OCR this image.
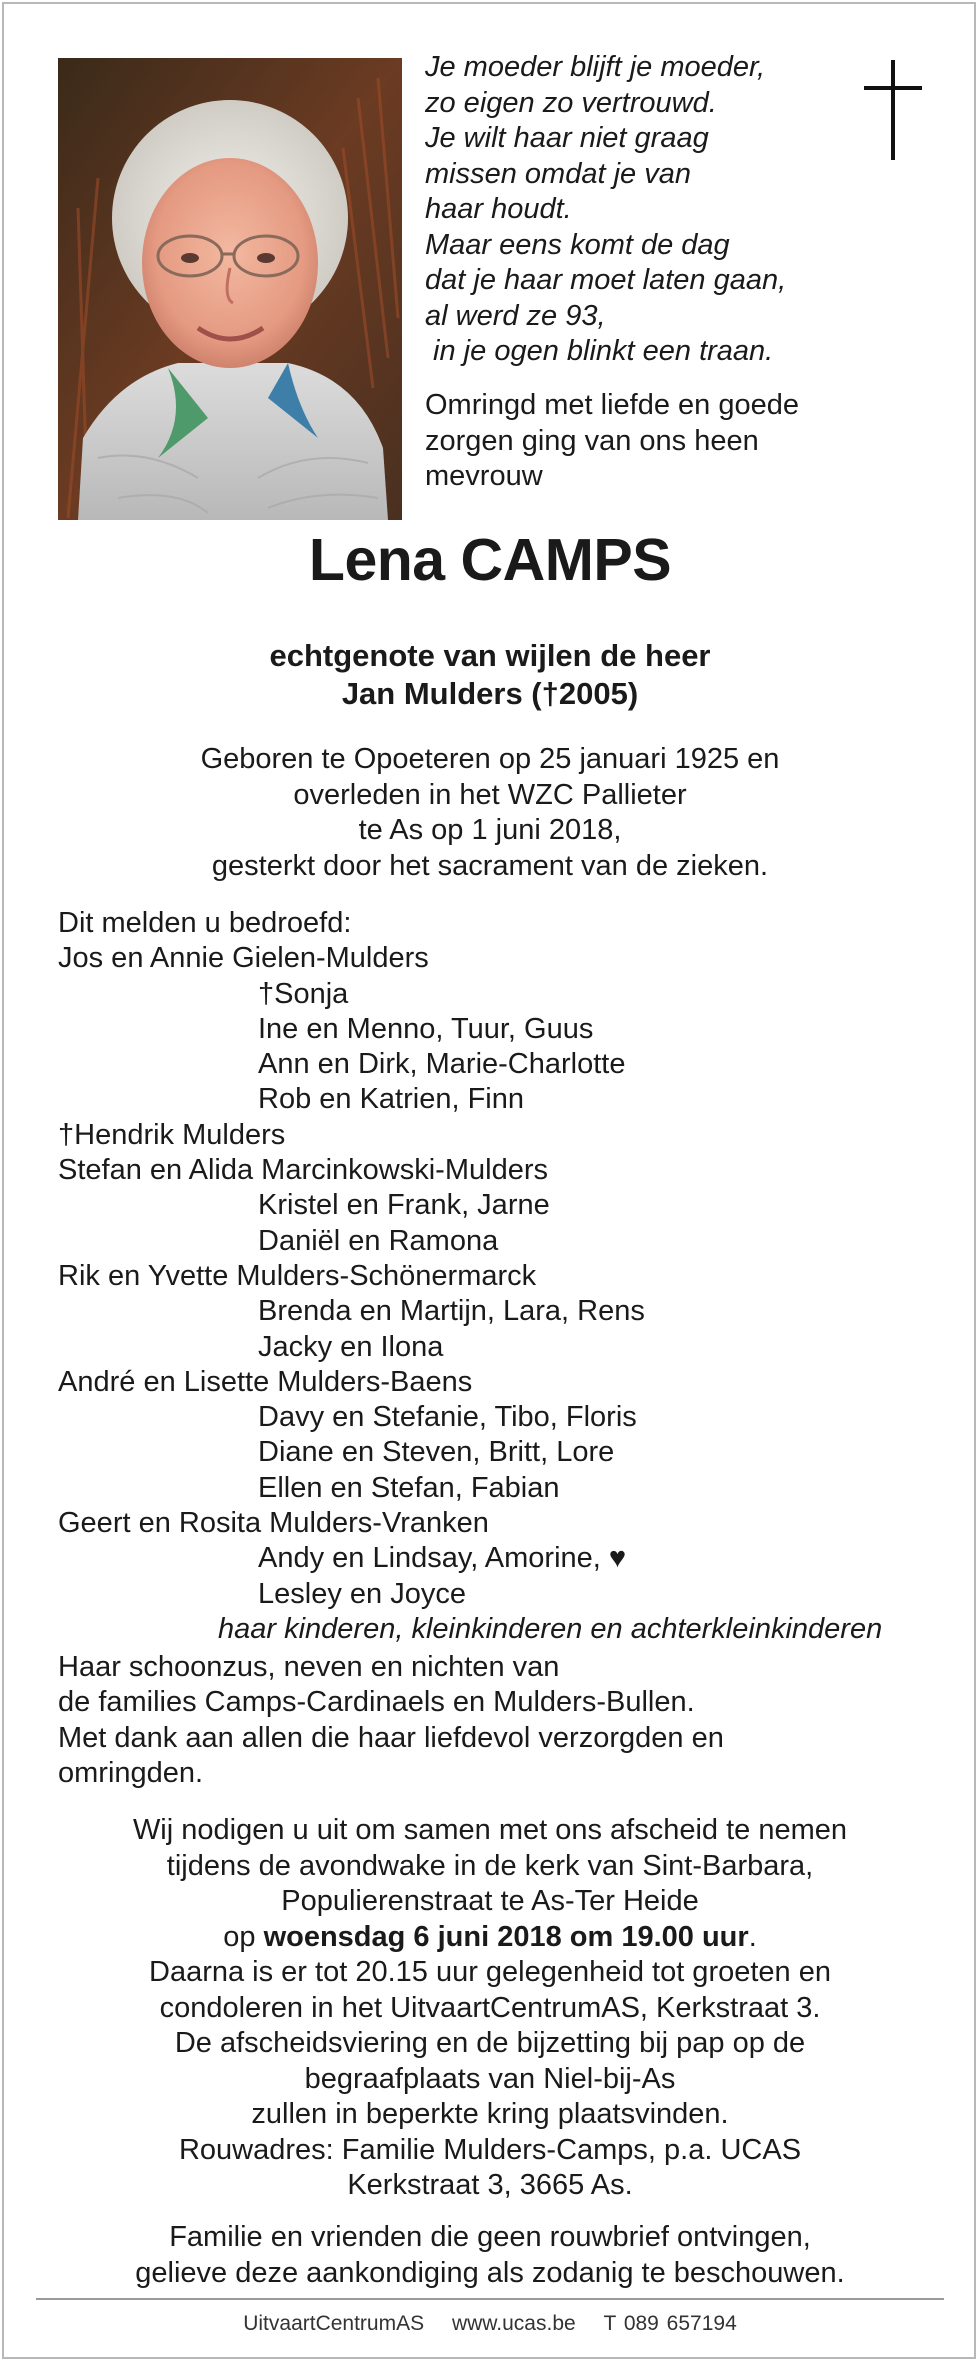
Je moeder blijft je moeder,
zo eigen zo vertrouwd.
Je wilt haar niet graag
missen omdat je van
haar houdt.
Maar eens komt de dag
dat je haar moet laten gaan,
al werd ze 93,
in je ogen blinkt een traan.
Omringd met liefde en goede
zorgen ging van ons heen
mevrouw
Lena CAMPS
echtgenote van wijlen de heer
Jan Mulders (†2005)
Geboren te Opoeteren op 25 januari 1925 en
overleden in het WZC Pallieter
te As op 1 juni 2018,
gesterkt door het sacrament van de zieken.
Dit melden u bedroefd:
Jos en Annie Gielen-Mulders
†Sonja
Ine en Menno, Tuur, Guus
Ann en Dirk, Marie-Charlotte
Rob en Katrien, Finn
†Hendrik Mulders
Stefan en Alida Marcinkowski-Mulders
Kristel en Frank, Jarne
Daniël en Ramona
Rik en Yvette Mulders-Schönermarck
Brenda en Martijn, Lara, Rens
Jacky en Ilona
André en Lisette Mulders-Baens
Davy en Stefanie, Tibo, Floris
Diane en Steven, Britt, Lore
Ellen en Stefan, Fabian
Geert en Rosita Mulders-Vranken
Andy en Lindsay, Amorine, ♥
Lesley en Joyce
haar kinderen, kleinkinderen en achterkleinkinderen
Haar schoonzus, neven en nichten van
de families Camps-Cardinaels en Mulders-Bullen.
Met dank aan allen die haar liefdevol verzorgden en
omringden.
Wij nodigen u uit om samen met ons afscheid te nemen
tijdens de avondwake in de kerk van Sint-Barbara,
Populierenstraat te As-Ter Heide
op woensdag 6 juni 2018 om 19.00 uur.
Daarna is er tot 20.15 uur gelegenheid tot groeten en
condoleren in het UitvaartCentrumAS, Kerkstraat 3.
De afscheidsviering en de bijzetting bij pap op de
begraafplaats van Niel-bij-As
zullen in beperkte kring plaatsvinden.
Rouwadres: Familie Mulders-Camps, p.a. UCAS
Kerkstraat 3, 3665 As.
Familie en vrienden die geen rouwbrief ontvingen,
gelieve deze aankondiging als zodanig te beschouwen.
UitvaartCentrumAS www.ucas.be T 089 657194
